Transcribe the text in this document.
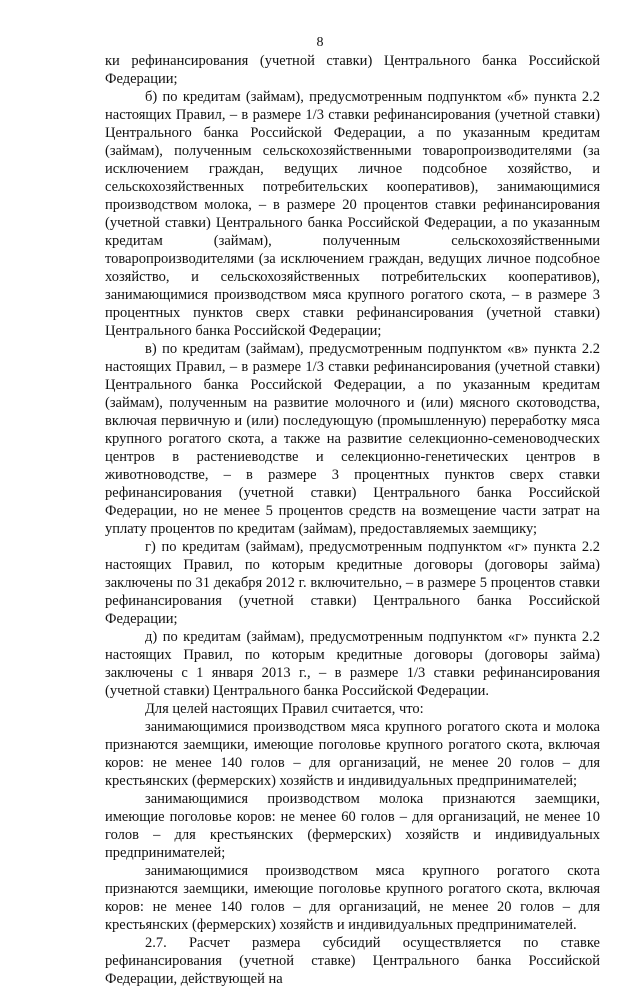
8

ки рефинансирования (учетной ставки) Центрального банка Российской Федерации;

б) по кредитам (займам), предусмотренным подпунктом «б» пункта 2.2 настоящих Правил, – в размере 1/3 ставки рефинансирования (учетной ставки) Центрального банка Российской Федерации, а по указанным кредитам (займам), полученным сельскохозяйственными товаропроизводителями (за исключением граждан, ведущих личное подсобное хозяйство, и сельскохозяйственных потребительских кооперативов), занимающимися производством молока, – в размере 20 процентов ставки рефинансирования (учетной ставки) Центрального банка Российской Федерации, а по указанным кредитам (займам), полученным сельскохозяйственными товаропроизводителями (за исключением граждан, ведущих личное подсобное хозяйство, и сельскохозяйственных потребительских кооперативов), занимающимися производством мяса крупного рогатого скота, – в размере 3 процентных пунктов сверх ставки рефинансирования (учетной ставки) Центрального банка Российской Федерации;

в) по кредитам (займам), предусмотренным подпунктом «в» пункта 2.2 настоящих Правил, – в размере 1/3 ставки рефинансирования (учетной ставки) Центрального банка Российской Федерации, а по указанным кредитам (займам), полученным на развитие молочного и (или) мясного скотоводства, включая первичную и (или) последующую (промышленную) переработку мяса крупного рогатого скота, а также на развитие селекционно-семеноводческих центров в растениеводстве и селекционно-генетических центров в животноводстве, – в размере 3 процентных пунктов сверх ставки рефинансирования (учетной ставки) Центрального банка Российской Федерации, но не менее 5 процентов средств на возмещение части затрат на уплату процентов по кредитам (займам), предоставляемых заемщику;

г) по кредитам (займам), предусмотренным подпунктом «г» пункта 2.2 настоящих Правил, по которым кредитные договоры (договоры займа) заключены по 31 декабря 2012 г. включительно, – в размере 5 процентов ставки рефинансирования (учетной ставки) Центрального банка Российской Федерации;

д) по кредитам (займам), предусмотренным подпунктом «г» пункта 2.2 настоящих Правил, по которым кредитные договоры (договоры займа) заключены с 1 января 2013 г., – в размере 1/3 ставки рефинансирования (учетной ставки) Центрального банка Российской Федерации.

Для целей настоящих Правил считается, что:

занимающимися производством мяса крупного рогатого скота и молока признаются заемщики, имеющие поголовье крупного рогатого скота, включая коров: не менее 140 голов – для организаций, не менее 20 голов – для крестьянских (фермерских) хозяйств и индивидуальных предпринимателей;

занимающимися производством молока признаются заемщики, имеющие поголовье коров: не менее 60 голов – для организаций, не менее 10 голов – для крестьянских (фермерских) хозяйств и индивидуальных предпринимателей;

занимающимися производством мяса крупного рогатого скота признаются заемщики, имеющие поголовье крупного рогатого скота, включая коров: не менее 140 голов – для организаций, не менее 20 голов – для крестьянских (фермерских) хозяйств и индивидуальных предпринимателей.

2.7. Расчет размера субсидий осуществляется по ставке рефинансирования (учетной ставке) Центрального банка Российской Федерации, действующей на
